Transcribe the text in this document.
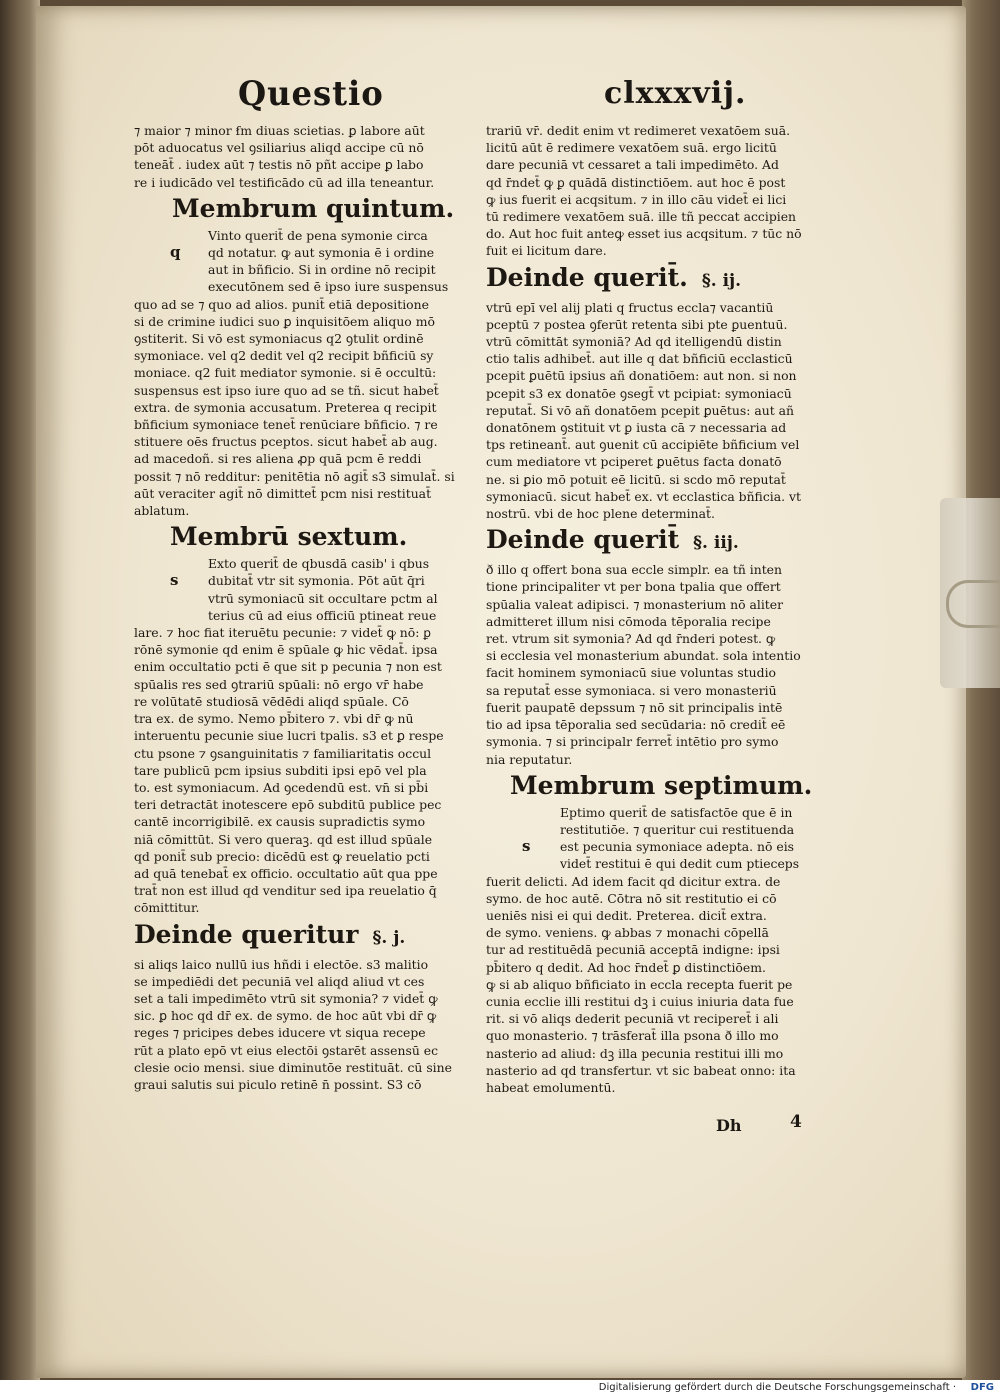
Questio	clxxxvij.

⁊ maior ⁊ minor ẜm diuas scietias. ꝑ labore aūt

pōt aduocatus vel ꝯsiliarius aliqd accipe cū nō

teneāt̄ . iudex aūt ⁊ testis nō pñt accipe ꝑ labo

re i iudicādo vel testificādo cū ad illa teneantur.

Membrum quintum.
q

Vinto querit̄ de pena symonie circa

qd notatur. ꝙ aut symonia ē i ordine

aut in bñficio. Si in ordine nō recipit

executōnem sed ē ipso iure suspensus

quo ad se ⁊ quo ad alios. punit̄ etiā depositione

si de crimine iudici suo ꝑ inquisitōem aliquo mō

ꝯstiterit. Si vō est symoniacus q2 ꝯtulit ordinē

symoniace. vel q2 dedit vel q2 recipit bñficiū sy

moniace. q2 fuit mediator symonie. si ē occultū:

suspensus est ipso iure quo ad se tñ. sicut habet̄

extra. de symonia accusatum. Preterea q recipit

bñficium symoniace tenet̄ renūciare bñficio. ⁊ re

stituere oēs fructus pceptos. sicut habet̄ ab aug.

ad macedoñ. si res aliena ꝓp quā pcm ē reddi

possit ⁊ nō redditur: penitētia nō agit̄ s3 simulat̄. si

aūt veraciter agit̄ nō dimittet̄ pcm nisi restituat̄

ablatum.

Membrū sextum.
s

Exto querit̄ de qbusdā casib' i qbus

dubitat̄ vtr sit symonia. Pōt aūt q̄ri

vtrū symoniacū sit occultare pctm al

terius cū ad eius officiū ptineat reue

lare. ⁊ hoc fiat iteruētu pecunie: ⁊ videt̄ ꝙ nō: ꝑ

rōnē symonie qd enim ē spūale ꝙ hic vēdat̄. ipsa

enim occultatio pcti ē que sit p pecunia ⁊ non est

spūalis res sed ꝯtrariū spūali: nō ergo vr̄ habe

re volūtatē studiosā vēdēdi aliqd spūale. Cō

tra ex. de symo. Nemo pb̄itero ⁊. vbi dr̄ ꝙ nū

interuentu pecunie siue lucri tpalis. s3 et ꝑ respe

ctu psone ⁊ ꝯsanguinitatis ⁊ familiaritatis occul

tare publicū pcm ipsius subditi ipsi epō vel pla

to. est symoniacum. Ad ꝯcedendū est. vn̄ si pb̄i

teri detractāt inotescere epō subditū publice pec

cantē incorrigibilē. ex causis supradictis symo

niā cōmittūt. Si vero queraꝫ. qd est illud spūale

qd ponit̄ sub precio: dicēdū est ꝙ reuelatio pcti

ad quā tenebat̄ ex officio. occultatio aūt qua ppe

trat̄ non est illud qd venditur sed ipa reuelatio q̄

cōmittitur.

Deinde queritur §. j.

si aliqs laico nullū ius hñdi i electōe. s3 malitio

se impediēdi det pecuniā vel aliqd aliud vt ces

set a tali impedimēto vtrū sit symonia? ⁊ videt̄ ꝙ

sic. ꝑ hoc qd dr̄ ex. de symo. de hoc aūt vbi dr̄ ꝙ

reges ⁊ pricipes debes iducere vt siqua recepe

rūt a plato epō vt eius electōi ꝯstarēt assensū ec

clesie ocio mensi. siue diminutōe restituāt. cū sine

graui salutis sui piculo retinē n̄ possint. S3 cō

trariū vr̄. dedit enim vt redimeret vexatōem suā.

licitū aūt ē redimere vexatōem suā. ergo licitū

dare pecuniā vt cessaret a tali impedimēto. Ad

qd r̄ndet̄ ꝙ ꝑ quādā distinctiōem. aut hoc ē post

ꝙ ius fuerit ei acqsitum. ⁊ in illo cāu videt̄ ei lici

tū redimere vexatōem suā. ille tñ peccat accipien

do. Aut hoc fuit anteꝙ esset ius acqsitum. ⁊ tūc nō

fuit ei licitum dare.

Deinde querit̄. §. ij.

vtrū epī vel alij plati q fructus eccla⁊ vacantiū

pceptū ⁊ postea ꝯferūt retenta sibi pte ꝑuentuū.

vtrū cōmittāt symoniā? Ad qd itelligendū distin

ctio talis adhibet̄. aut ille q dat bñficiū ecclasticū

pcepit ꝑuētū ipsius añ donatiōem: aut non. si non

pcepit s3 ex donatōe ꝯsegt̄ vt pcipiat: symoniacū

reputat̄. Si vō añ donatōem pcepit ꝑuētus: aut añ

donatōnem ꝯstituit vt ꝑ iusta cā ⁊ necessaria ad

tps retineant̄. aut ꝯuenit cū accipiēte bñficium vel

cum mediatore vt pciperet ꝑuētus facta donatō

ne. si ꝑio mō potuit eē licitū. si scdo mō reputat̄

symoniacū. sicut habet̄ ex. vt ecclastica bñficia. vt

nostrū. vbi de hoc plene determinat̄.

Deinde querit̄ §. iij.

ð illo q offert bona sua eccle simplr. ea tñ inten

tione principaliter vt per bona tpalia que offert

spūalia valeat adipisci. ⁊ monasterium nō aliter

admitteret illum nisi cōmoda tēporalia recipe

ret. vtrum sit symonia? Ad qd r̄nderi potest. ꝙ

si ecclesia vel monasterium abundat. sola intentio

facit hominem symoniacū siue voluntas studio

sa reputat̄ esse symoniaca. si vero monasteriū

fuerit paupatē depssum ⁊ nō sit principalis intē

tio ad ipsa tēporalia sed secūdaria: nō credit̄ eē

symonia. ⁊ si principalr ferret̄ intētio pro symo

nia reputatur.

Membrum septimum.
s

Eptimo querit̄ de satisfactōe que ē in

restitutiōe. ⁊ queritur cui restituenda

est pecunia symoniace adepta. nō eis

videt̄ restitui ē qui dedit cum ptieceps

fuerit delicti. Ad idem facit qd dicitur extra. de

symo. de hoc autē. Cōtra nō sit restitutio ei cō

ueniēs nisi ei qui dedit. Preterea. dicit̄ extra.

de symo. veniens. ꝙ abbas ⁊ monachi cōpellā

tur ad restituēdā pecuniā acceptā indigne: ipsi

pb̄itero q dedit. Ad hoc r̄ndet̄ ꝑ distinctiōem.

ꝙ si ab aliquo bñficiato in eccla recepta fuerit pe

cunia ecclie illi restitui dꝫ i cuius iniuria data fue

rit. si vō aliqs dederit pecuniā vt reciperet̄ i ali

quo monasterio. ⁊ trāsferat̄ illa psona ð illo mo

nasterio ad aliud: dꝫ illa pecunia restitui illi mo

nasterio ad qd transfertur. vt sic babeat onno: ita

habeat emolumentū.

Dh	4
Digitalisierung gefördert durch die Deutsche Forschungsgemeinschaft · DFG
